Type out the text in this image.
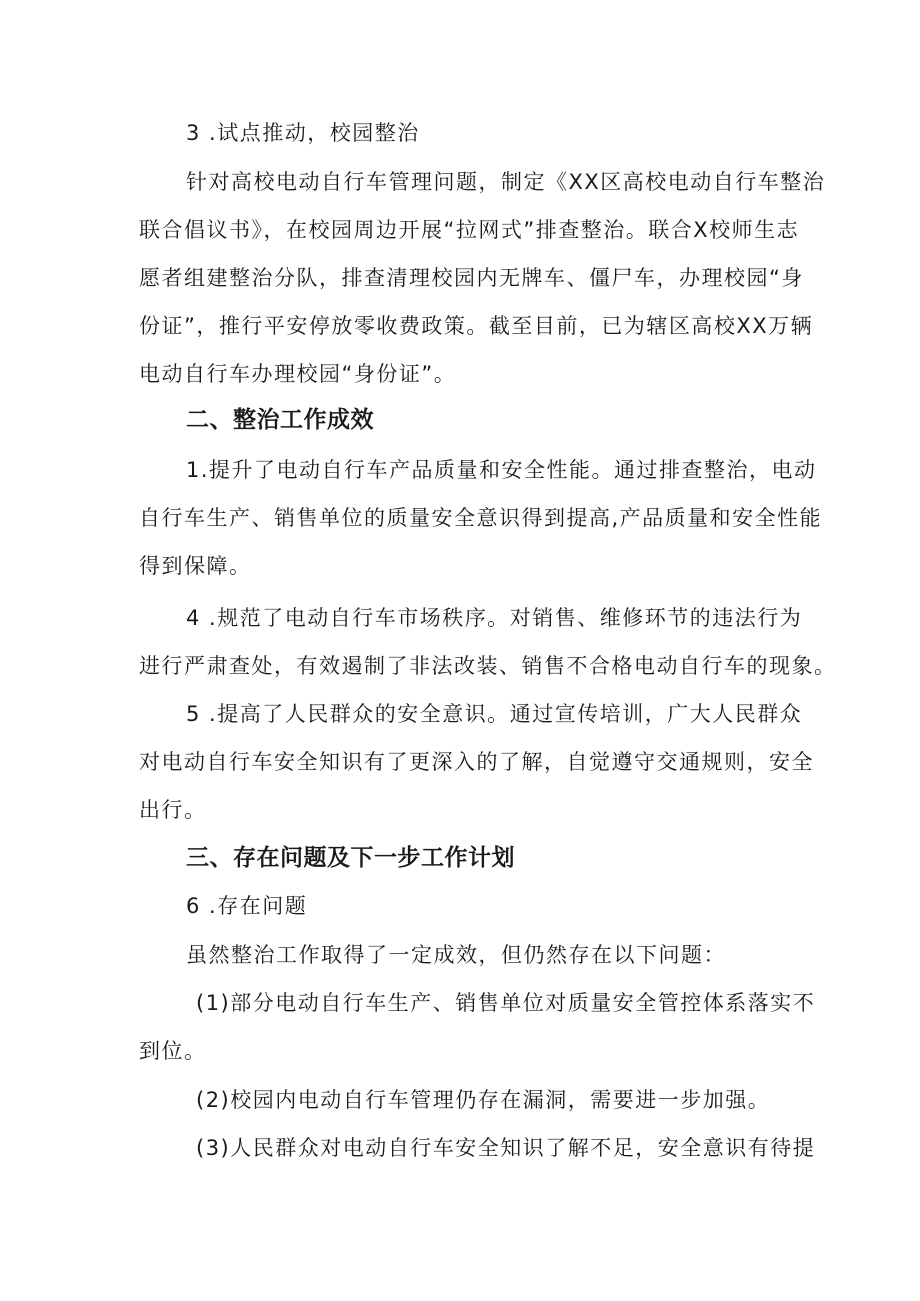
3 .试点推动，校园整治
针对高校电动自行车管理问题，制定《XX区高校电动自行车整治
联合倡议书》，在校园周边开展“拉网式”排查整治。联合X校师生志
愿者组建整治分队，排查清理校园内无牌车、僵尸车，办理校园“身
份证”，推行平安停放零收费政策。截至目前，已为辖区高校XX万辆
电动自行车办理校园“身份证”。
二、整治工作成效
1.提升了电动自行车产品质量和安全性能。通过排查整治，电动
自行车生产、销售单位的质量安全意识得到提高,产品质量和安全性能
得到保障。
4 .规范了电动自行车市场秩序。对销售、维修环节的违法行为
进行严肃查处，有效遏制了非法改装、销售不合格电动自行车的现象。
5 .提高了人民群众的安全意识。通过宣传培训，广大人民群众
对电动自行车安全知识有了更深入的了解，自觉遵守交通规则，安全
出行。
三、存在问题及下一步工作计划
6 .存在问题
虽然整治工作取得了一定成效，但仍然存在以下问题：
(1)部分电动自行车生产、销售单位对质量安全管控体系落实不
到位。
(2)校园内电动自行车管理仍存在漏洞，需要进一步加强。
(3)人民群众对电动自行车安全知识了解不足，安全意识有待提
